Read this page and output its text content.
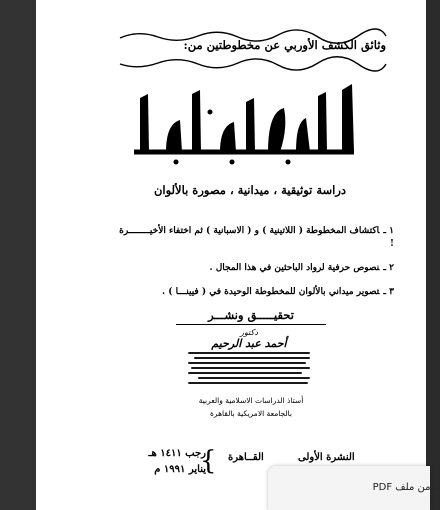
وثائق الكشف الأوربي عن مخطوطتين من:
دراسة توثيقية ، ميدانية ، مصورة بالألوان
١ ـاكتشاف المخطوطة ( اللاتينية ) و ( الاسبانية ) ثم اختفاء الأخيــــــــرة !
٢ ـنصوص حرفية لرواد الباحثين في هذا المجال .
٣ ـتصوير ميداني بالألوان للمخطوطة الوحيدة في ( فيينـــا ) .
تحقيـــــق ونشـــر
دكتور
أحمد عبد الرحيم
أستاذ الدراسات الاسلامية والعربية
بالجامعة الامريكية بالقاهرة
النشرة الأولى
القــاهرة
{
رجب ١٤١١ هـ
يناير ١٩٩١ م
...من ملف PDF
